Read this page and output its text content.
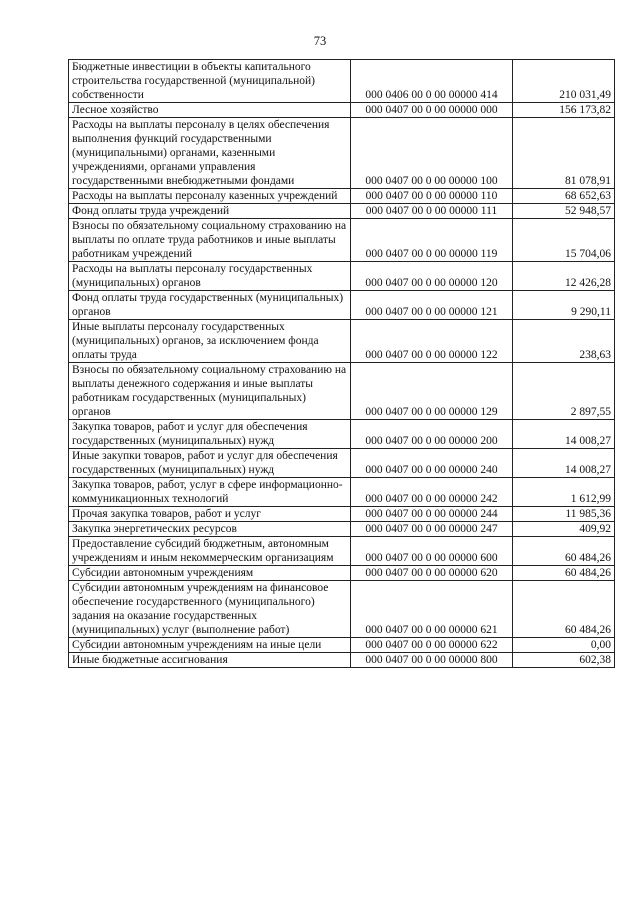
73
Бюджетные инвестиции в объекты капитального строительства государственной (муниципальной) собственности	000 0406 00 0 00 00000 414	210 031,49
Лесное хозяйство	000 0407 00 0 00 00000 000	156 173,82
Расходы на выплаты персоналу в целях обеспечения выполнения функций государственными (муниципальными) органами, казенными учреждениями, органами управления государственными внебюджетными фондами	000 0407 00 0 00 00000 100	81 078,91
Расходы на выплаты персоналу казенных учреждений	000 0407 00 0 00 00000 110	68 652,63
Фонд оплаты труда учреждений	000 0407 00 0 00 00000 111	52 948,57
Взносы по обязательному социальному страхованию на выплаты по оплате труда работников и иные выплаты работникам учреждений	000 0407 00 0 00 00000 119	15 704,06
Расходы на выплаты персоналу государственных (муниципальных) органов	000 0407 00 0 00 00000 120	12 426,28
Фонд оплаты труда государственных (муниципальных) органов	000 0407 00 0 00 00000 121	9 290,11
Иные выплаты персоналу государственных (муниципальных) органов, за исключением фонда оплаты труда	000 0407 00 0 00 00000 122	238,63
Взносы по обязательному социальному страхованию на выплаты денежного содержания и иные выплаты работникам государственных (муниципальных) органов	000 0407 00 0 00 00000 129	2 897,55
Закупка товаров, работ и услуг для обеспечения государственных (муниципальных) нужд	000 0407 00 0 00 00000 200	14 008,27
Иные закупки товаров, работ и услуг для обеспечения государственных (муниципальных) нужд	000 0407 00 0 00 00000 240	14 008,27
Закупка товаров, работ, услуг в сфере информационно-коммуникационных технологий	000 0407 00 0 00 00000 242	1 612,99
Прочая закупка товаров, работ и услуг	000 0407 00 0 00 00000 244	11 985,36
Закупка энергетических ресурсов	000 0407 00 0 00 00000 247	409,92
Предоставление субсидий бюджетным, автономным учреждениям и иным некоммерческим организациям	000 0407 00 0 00 00000 600	60 484,26
Субсидии автономным учреждениям	000 0407 00 0 00 00000 620	60 484,26
Субсидии автономным учреждениям на финансовое обеспечение государственного (муниципального) задания на оказание государственных (муниципальных) услуг (выполнение работ)	000 0407 00 0 00 00000 621	60 484,26
Субсидии автономным учреждениям на иные цели	000 0407 00 0 00 00000 622	0,00
Иные бюджетные ассигнования	000 0407 00 0 00 00000 800	602,38
